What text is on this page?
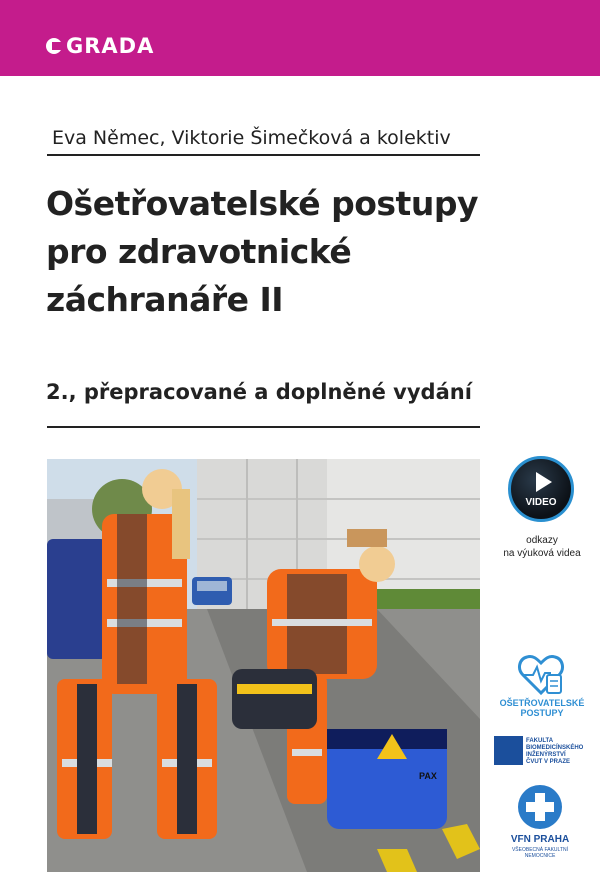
GRADA
Eva Němec, Viktorie Šimečková a kolektiv
Ošetřovatelské postupy
pro zdravotnické
záchranáře II
2., přepracované a doplněné vydání
PAX
VIDEO
odkazy
na výuková videa
OŠETŘOVATELSKÉ
POSTUPY
FAKULTA
BIOMEDICÍNSKÉHO
INŽENÝRSTVÍ
ČVUT V PRAZE
VFN PRAHA
VŠEOBECNÁ FAKULTNÍ NEMOCNICE
